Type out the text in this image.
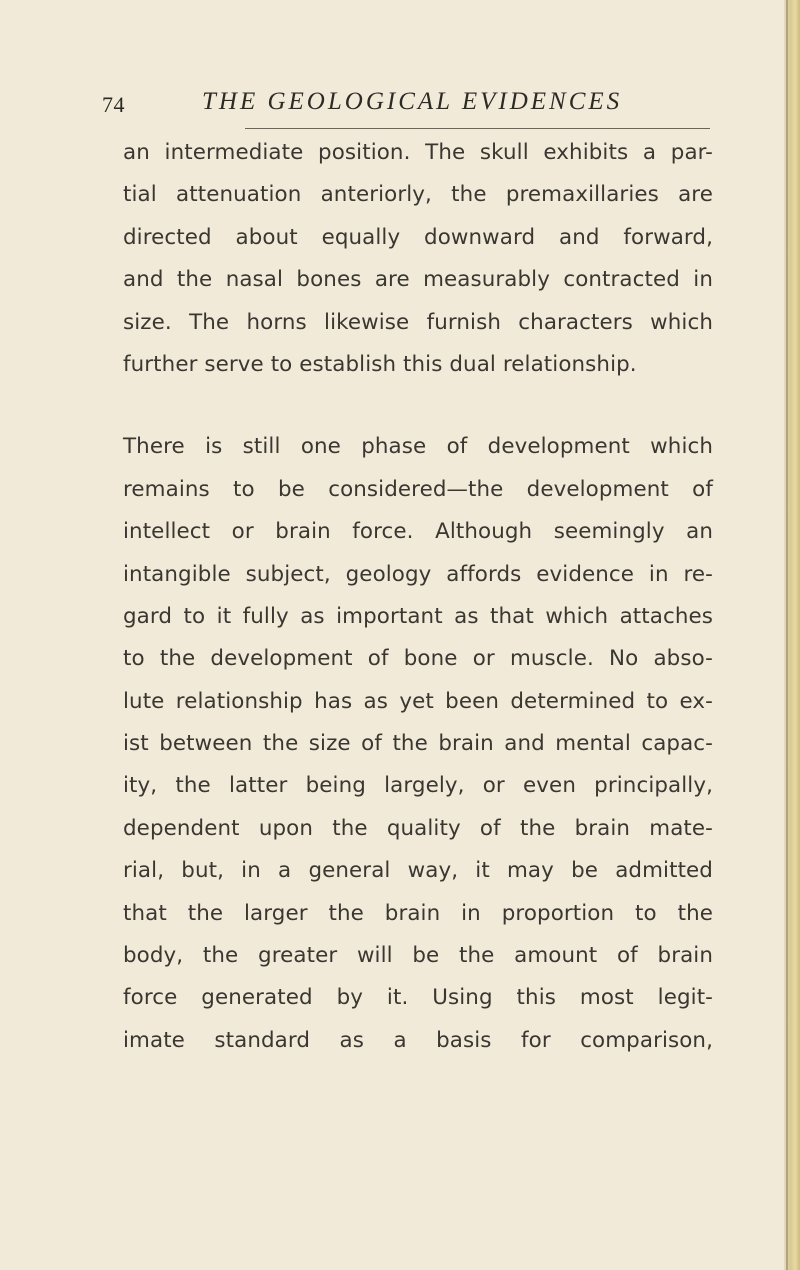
74	THE GEOLOGICAL EVIDENCES
an intermediate position. The skull exhibits a par-
tial attenuation anteriorly, the premaxillaries are
directed about equally downward and forward,
and the nasal bones are measurably contracted in
size. The horns likewise furnish characters which
further serve to establish this dual relationship.
There is still one phase of development which
remains to be considered—the development of
intellect or brain force. Although seemingly an
intangible subject, geology affords evidence in re-
gard to it fully as important as that which attaches
to the development of bone or muscle. No abso-
lute relationship has as yet been determined to ex-
ist between the size of the brain and mental capac-
ity, the latter being largely, or even principally,
dependent upon the quality of the brain mate-
rial, but, in a general way, it may be admitted
that the larger the brain in proportion to the
body, the greater will be the amount of brain
force generated by it. Using this most legit-
imate standard as a basis for comparison,
